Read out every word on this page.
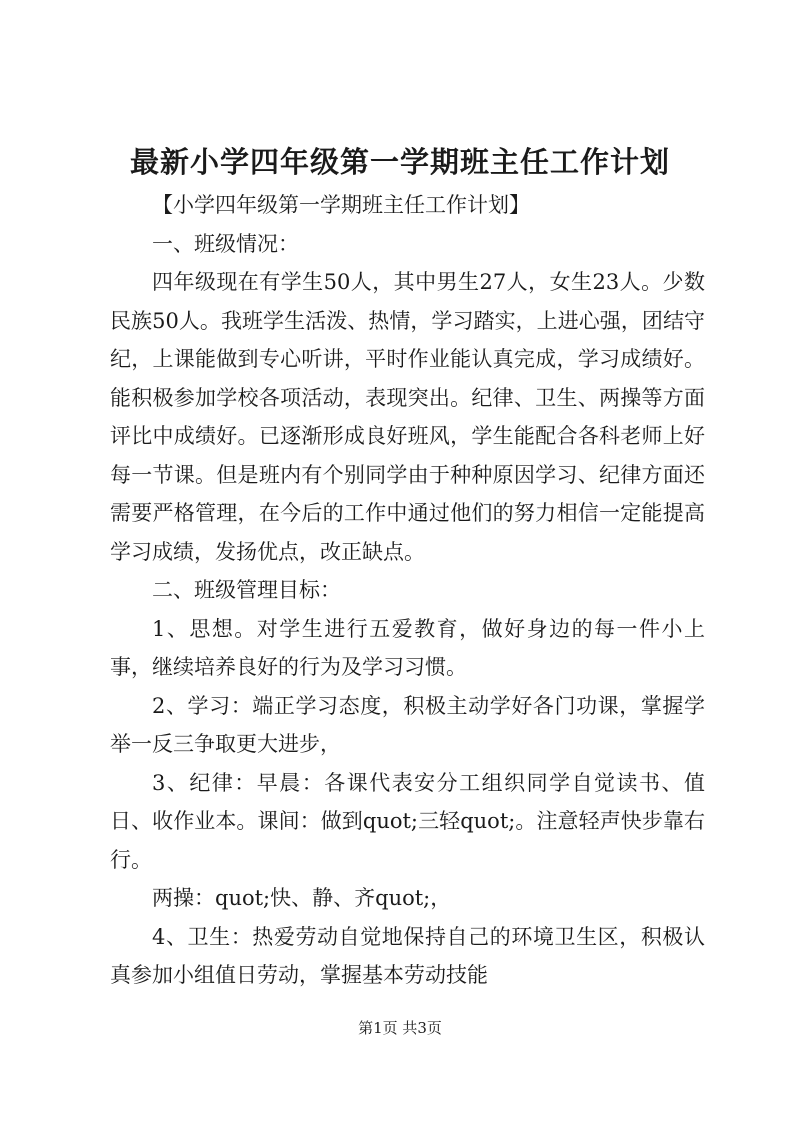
最新小学四年级第一学期班主任工作计划

【小学四年级第一学期班主任工作计划】

一、班级情况：

四年级现在有学生50人，其中男生27人，女生23人。少数民族50人。我班学生活泼、热情，学习踏实，上进心强，团结守纪，上课能做到专心听讲，平时作业能认真完成，学习成绩好。能积极参加学校各项活动，表现突出。纪律、卫生、两操等方面评比中成绩好。已逐渐形成良好班风，学生能配合各科老师上好每一节课。但是班内有个别同学由于种种原因学习、纪律方面还需要严格管理，在今后的工作中通过他们的努力相信一定能提高学习成绩，发扬优点，改正缺点。

二、班级管理目标：

1、思想。对学生进行五爱教育，做好身边的每一件小上事，继续培养良好的行为及学习习惯。

2、学习：端正学习态度，积极主动学好各门功课，掌握学举一反三争取更大进步，

3、纪律：早晨：各课代表安分工组织同学自觉读书、值日、收作业本。课间：做到quot;三轻quot;。注意轻声快步靠右行。

两操：quot;快、静、齐quot;，

4、卫生：热爱劳动自觉地保持自己的环境卫生区，积极认真参加小组值日劳动，掌握基本劳动技能

第1页 共3页
